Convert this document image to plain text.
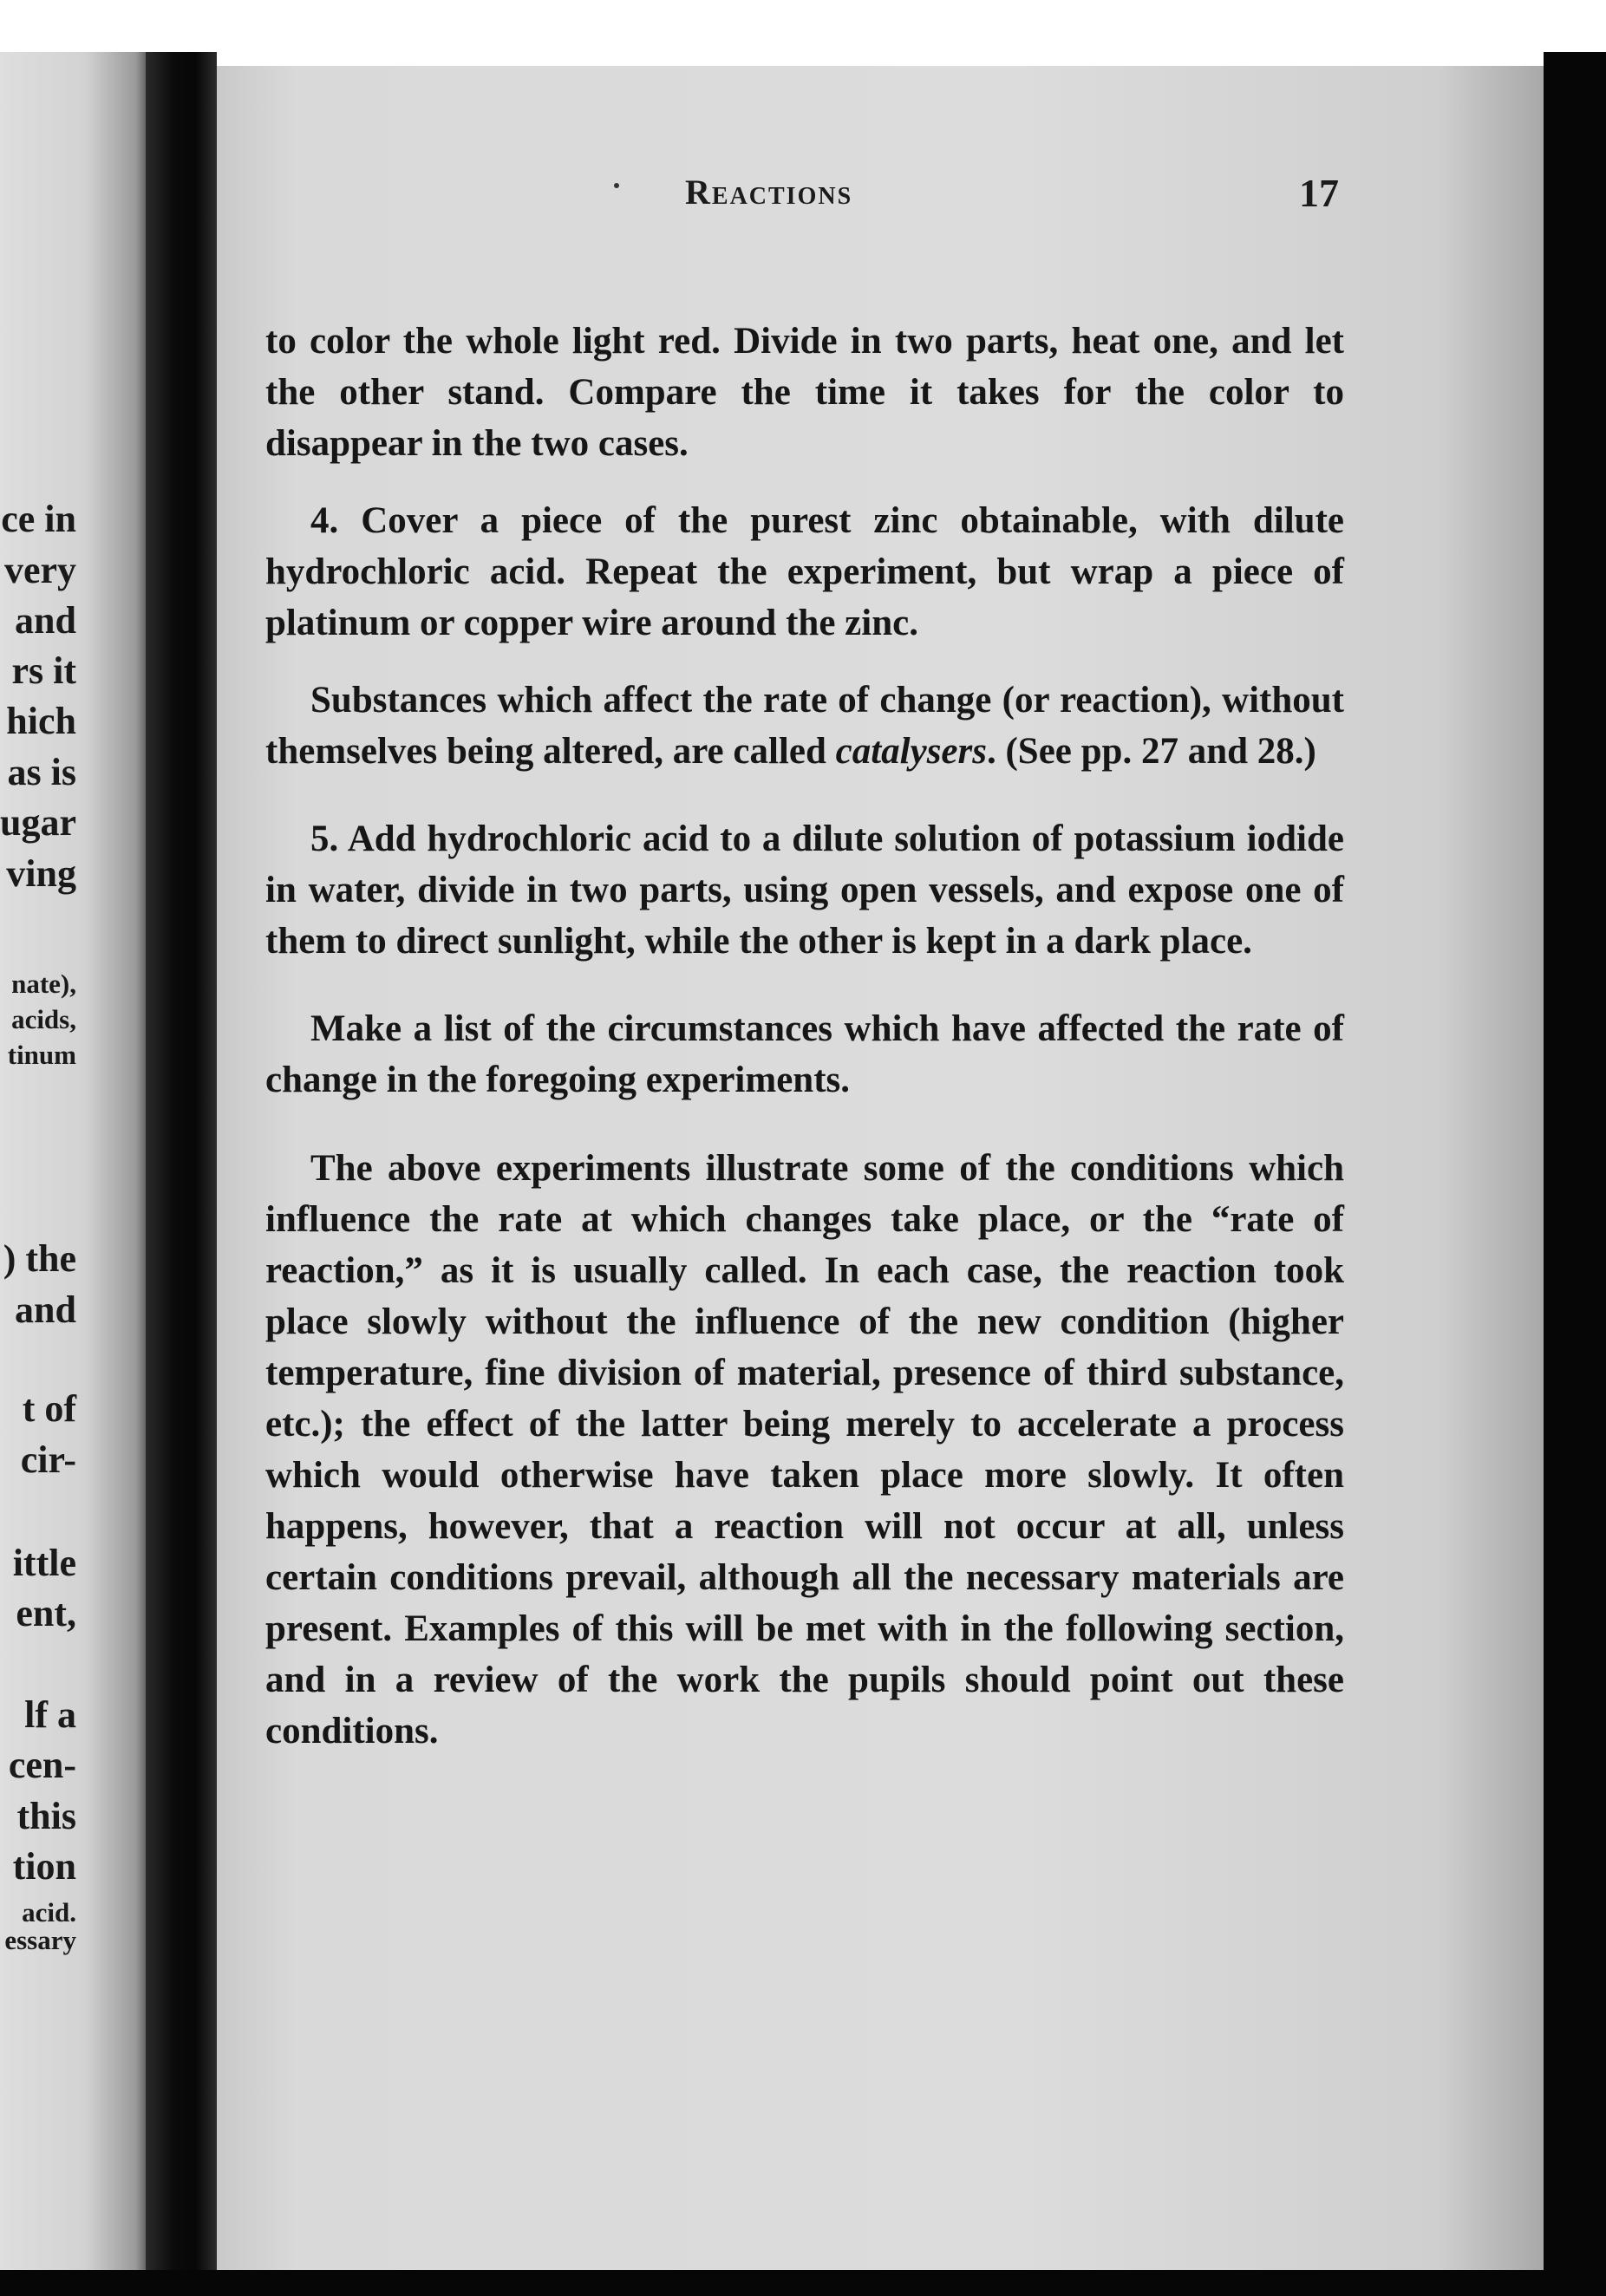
ce in
very
and
rs it
hich
as is
ugar
ving
nate),
acids,
tinum
) the
and
t of
cir-
ittle
ent,
lf a
cen-
this
tion
acid.
essary
Reactions	17

to color the whole light red. Divide in two parts, heat one, and let the other stand. Compare the time it takes for the color to disappear in the two cases.

4. Cover a piece of the purest zinc obtainable, with dilute hydrochloric acid. Repeat the experiment, but wrap a piece of platinum or copper wire around the zinc.

Substances which affect the rate of change (or reaction), without themselves being altered, are called catalysers. (See pp. 27 and 28.)

5. Add hydrochloric acid to a dilute solution of potassium iodide in water, divide in two parts, using open vessels, and expose one of them to direct sunlight, while the other is kept in a dark place.

Make a list of the circumstances which have affected the rate of change in the foregoing experiments.

The above experiments illustrate some of the conditions which influence the rate at which changes take place, or the “rate of reaction,” as it is usually called. In each case, the reaction took place slowly without the influence of the new condition (higher temperature, fine division of material, presence of third substance, etc.); the effect of the latter being merely to accelerate a process which would otherwise have taken place more slowly. It often happens, however, that a reaction will not occur at all, unless certain conditions prevail, although all the necessary materials are present. Examples of this will be met with in the following section, and in a review of the work the pupils should point out these conditions.
